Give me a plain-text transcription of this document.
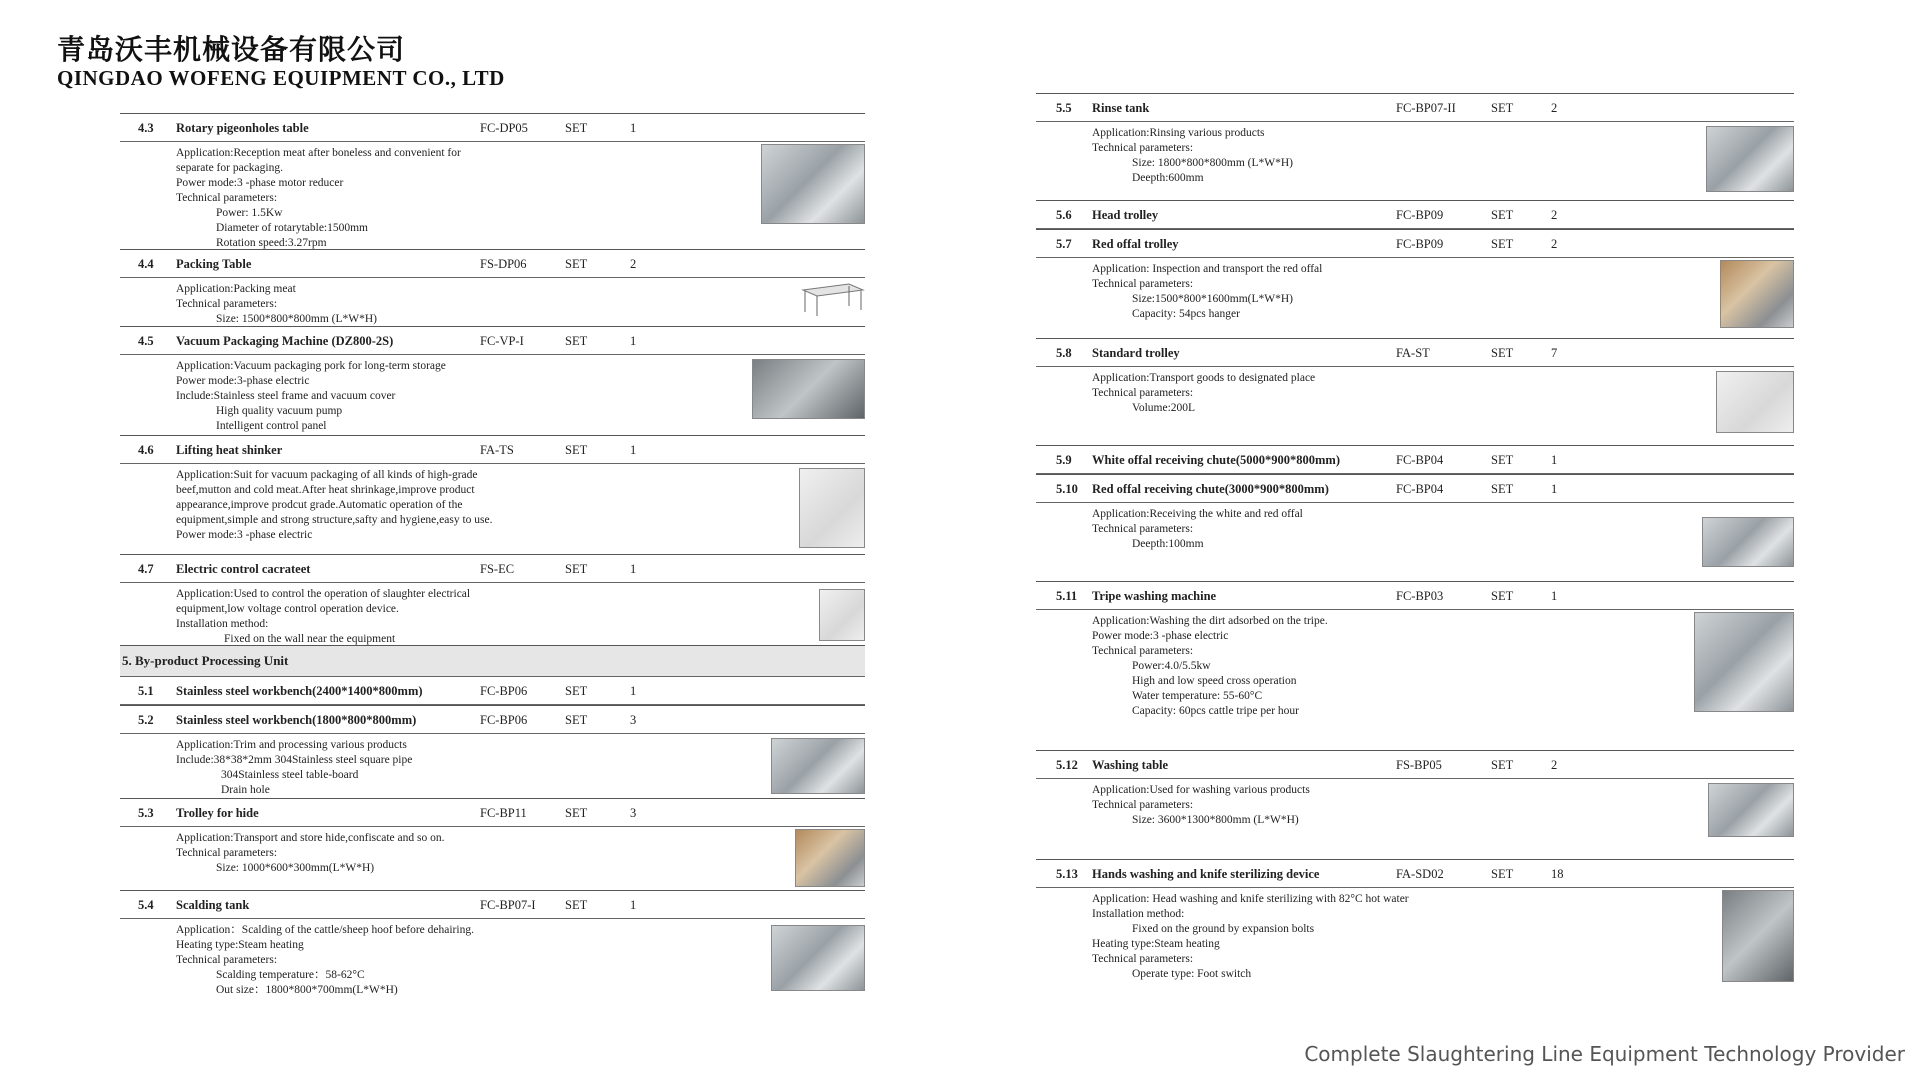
青岛沃丰机械设备有限公司
QINGDAO WOFENG EQUIPMENT CO., LTD
4.3 Rotary pigeonholes table	FC-DP05	SET	1
Application:Reception meat after boneless and convenient for
separate for packaging.
Power mode:3 -phase motor reducer
Technical parameters:
Power: 1.5Kw
Diameter of rotarytable:1500mm
Rotation speed:3.27rpm
4.4 Packing Table	FS-DP06	SET	2
Application:Packing meat
Technical parameters:
Size: 1500*800*800mm (L*W*H)
4.5 Vacuum Packaging Machine (DZ800-2S)	FC-VP-I	SET	1
Application:Vacuum packaging pork for long-term storage
Power mode:3-phase electric
Include:Stainless steel frame and vacuum cover
High quality vacuum pump
Intelligent control panel
4.6 Lifting heat shinker	FA-TS	SET	1
Application:Suit for vacuum packaging of all kinds of high-grade
beef,mutton and cold meat.After heat shrinkage,improve product
appearance,improve prodcut grade.Automatic operation of the
equipment,simple and strong structure,safty and hygiene,easy to use.
Power mode:3 -phase electric
4.7 Electric control cacrateet	FS-EC	SET	1
Application:Used to control the operation of slaughter electrical
equipment,low voltage control operation device.
Installation method:
Fixed on the wall near the equipment
5. By-product Processing Unit
5.1 Stainless steel workbench(2400*1400*800mm)	FC-BP06	SET	1
5.2 Stainless steel workbench(1800*800*800mm)	FC-BP06	SET	3
Application:Trim and processing various products
Include:38*38*2mm 304Stainless steel square pipe
304Stainless steel table-board
Drain hole
5.3 Trolley for hide	FC-BP11	SET	3
Application:Transport and store hide,confiscate and so on.
Technical parameters:
Size: 1000*600*300mm(L*W*H)
5.4 Scalding tank	FC-BP07-I SET	1
Application：Scalding of the cattle/sheep hoof before dehairing.
Heating type:Steam heating
Technical parameters:
Scalding temperature：58-62°C
Out size：1800*800*700mm(L*W*H)
5.5 Rinse tank	FC-BP07-II	SET	2
Application:Rinsing various products
Technical parameters:
Size: 1800*800*800mm (L*W*H)
Deepth:600mm
5.6 Head trolley	FC-BP09	SET	2
5.7 Red offal trolley	FC-BP09	SET	2
Application: Inspection and transport the red offal
Technical parameters:
Size:1500*800*1600mm(L*W*H)
Capacity: 54pcs hanger
5.8 Standard trolley	FA-ST	SET	7
Application:Transport goods to designated place
Technical parameters:
Volume:200L
5.9 White offal receiving chute(5000*900*800mm)	FC-BP04	SET	1
5.10 Red offal receiving chute(3000*900*800mm)	FC-BP04	SET	1
Application:Receiving the white and red offal
Technical parameters:
Deepth:100mm
5.11 Tripe washing machine	FC-BP03	SET	1
Application:Washing the dirt adsorbed on the tripe.
Power mode:3 -phase electric
Technical parameters:
Power:4.0/5.5kw
High and low speed cross operation
Water temperature: 55-60°C
Capacity: 60pcs cattle tripe per hour
5.12 Washing table	FS-BP05	SET	2
Application:Used for washing various products
Technical parameters:
Size: 3600*1300*800mm (L*W*H)
5.13 Hands washing and knife sterilizing device	FA-SD02	SET	18
Application: Head washing and knife sterilizing with 82°C hot water
Installation method:
Fixed on the ground by expansion bolts
Heating type:Steam heating
Technical parameters:
Operate type: Foot switch
Complete Slaughtering Line Equipment Technology Provider
